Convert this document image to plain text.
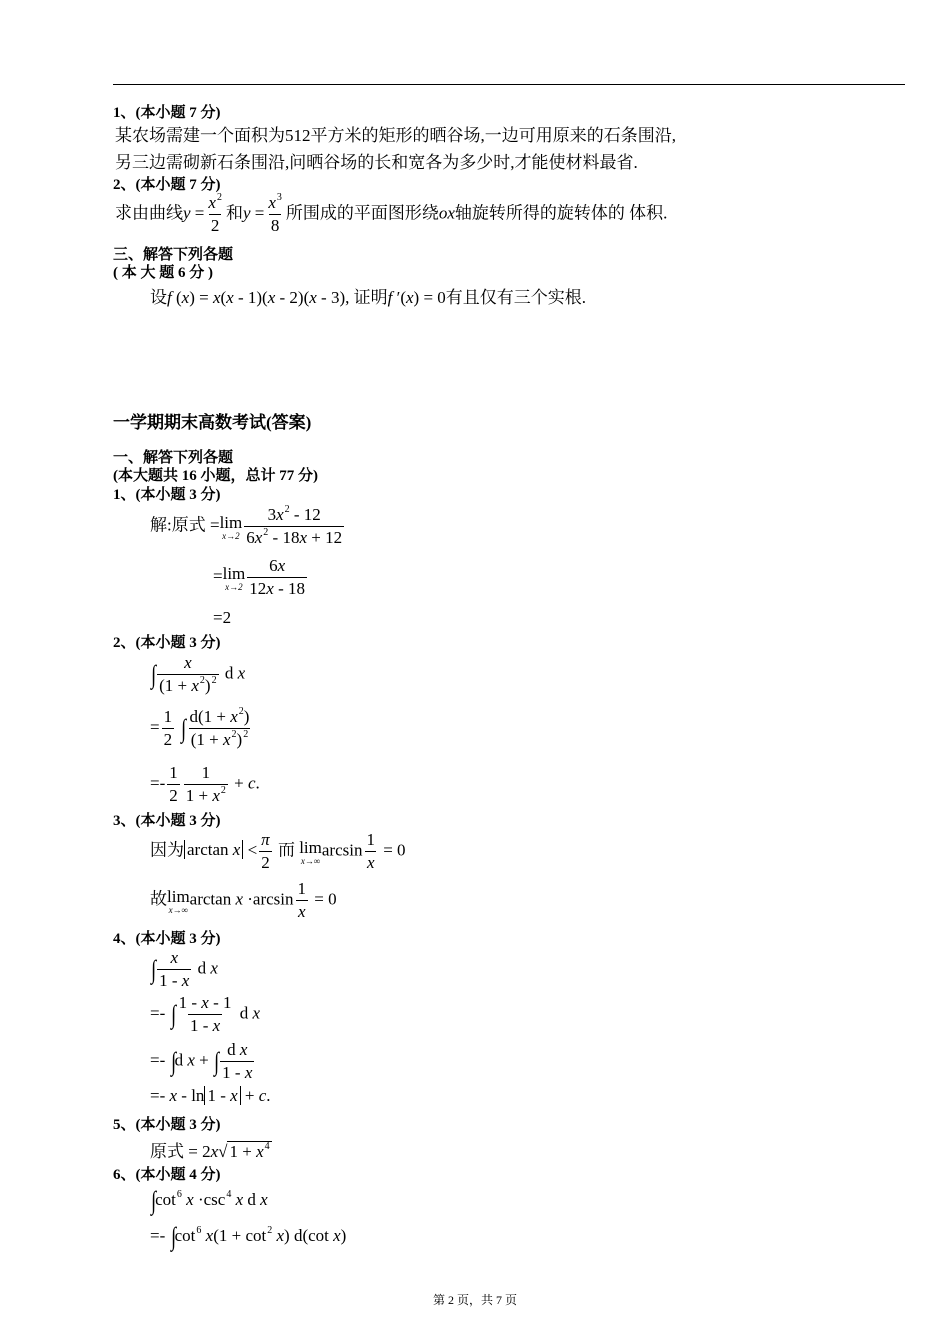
1、(本小题 7 分)
某农场需建一个面积为512平方米的矩形的晒谷场,一边可用原来的石条围沿,
另三边需砌新石条围沿,问晒谷场的长和宽各为多少时,才能使材料最省.
2、(本小题 7 分)
求由曲线$y = \frac{x^2}{2}$ 和$y = \frac{x^3}{8}$ 所围成的平面图形绕ox轴旋转所得的旋转体的 体积.
三、解答下列各题
( 本 大 题 6 分 )
设f (x) = x(x - 1)(x - 2)(x - 3), 证明f ′(x) = 0有且仅有三个实根.
一学期期末高数考试(答案)
一、解答下列各题
(本大题共 16 小题，总计 77 分)
1、(本小题 3 分)
解:原式 = lim
$x\to 2 \frac{3x^2 - 12}{6x^2 - 18x + 12}$
= lim
$x\to 2 \frac{6x}{12x - 18}$
=2
2、(本小题 3 分)
∫ $\frac{x}{(1 + x^2)^2}$ d x
= $\frac{1}{2}$ ∫ $\frac{d(1 + x^2)}{(1 + x^2)^2}$
=- $\frac{1}{2} \frac{1}{1 + x^2} + c$.
3、(本小题 3 分)
因为 $\arctan x < \frac{\pi}{2}$ 而 lim
x→∞
$\arcsin \frac{1}{x} = 0$
故 lim
x→∞
$\arctan x \cdot\arcsin \frac{1}{x} = 0$
4、(本小题 3 分)
∫ $\frac{x}{1 - x}$ d x
=- ∫ $\frac{1 - x - 1}{1 - x}$ d x
=- ∫d x + ∫ $\frac{\text{d x}}{1 - x}$
=- x - ln 1 - x + c.
5、(本小题 3 分)
原式 = 2x√ $1 + x^4$
6、(本小题 4 分)
$\int\cot^6$ $x \cdot\csc^4$ x d x
=- $\int\cot^6$ $x(1 + \cot^2 x)$ d(cot x)
第 2 页，共 7 页
